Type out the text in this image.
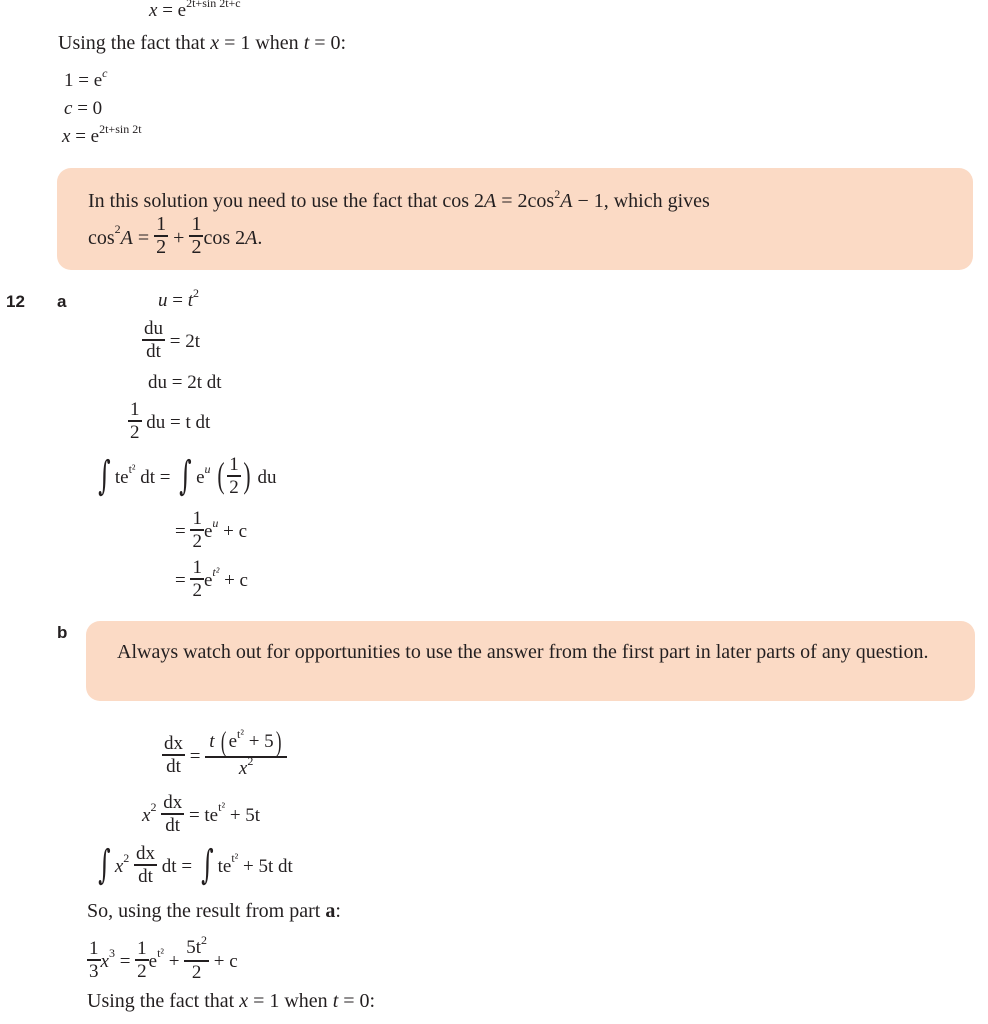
$x = e^{2t+sin 2t+c}$
Using the fact that x = 1 when t = 0:
$1 = e^c$
c = 0
$x = e^{2t+sin 2t}$
In this solution you need to use the fact that $\cos 2A = 2\cos^2A - 1$, which gives
$\cos^2 A = \frac{1}{2} + \frac{1}{2}$ cos 2 A .
12 a	$u = t^2$
$\frac{du}{dt}$
=
2t
du = 2t dt
$\frac{1}{2}$
du
=
t dt
∫ $te^{t^2}$ dt
=
∫ e $^u$
( $\frac{1}{2}$ )
du
=
$\frac{1}{2}$ e $^u$ + c
=
$\frac{1}{2}$ e $^{t^2}$ + c
b
Always watch out for opportunities to use the answer from the first part in later parts of any question.
$\frac{dx}{dt}$
=
$\frac{t (e^{t^2} + 5)}{x^2}$
$x^2$
$\frac{dx}{dt}$
=
$te^{t^2} + 5t$
∫ $x^2$
$\frac{dx}{dt}$ dt
=
∫ $te^{t^2} + 5t$ dt
So, using the result from part a:
$\frac{1}{3} x^3$
=
$\frac{1}{2} e^{t^2} + \frac{5t^2}{2} + c$
Using the fact that x = 1 when t = 0:
